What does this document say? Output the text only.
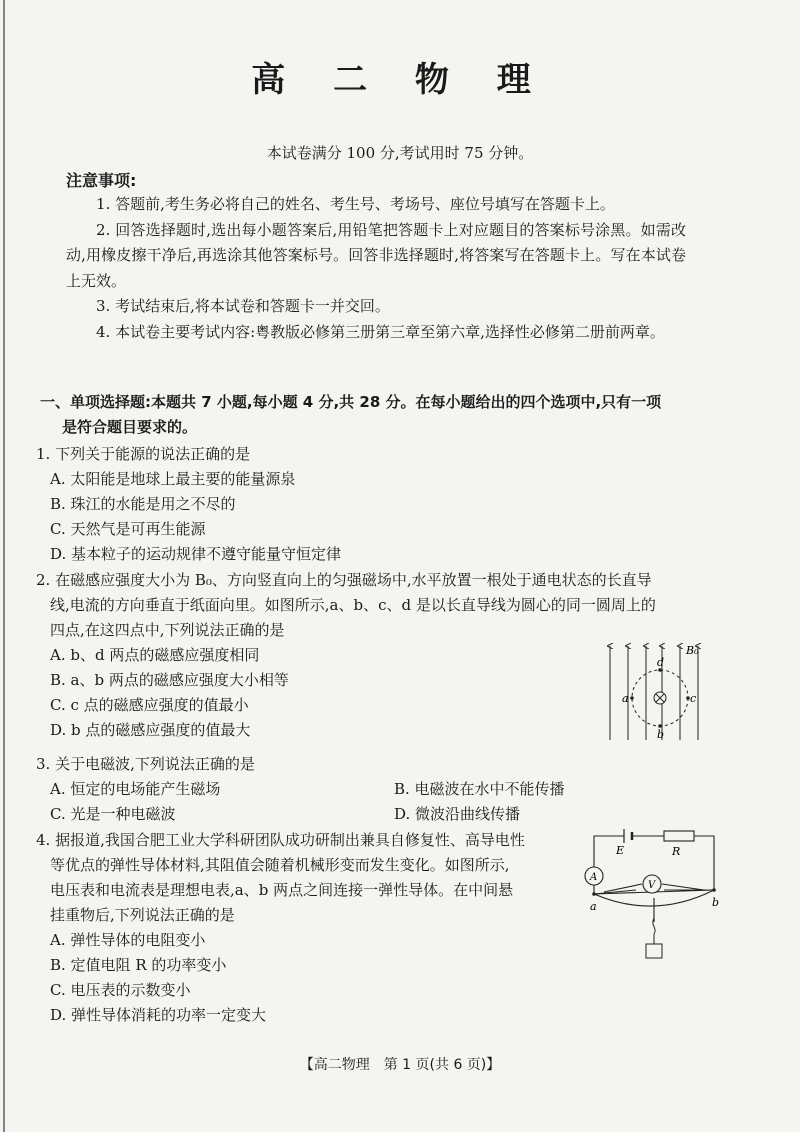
高 二 物 理
本试卷满分 100 分,考试用时 75 分钟。
注意事项:

1. 答题前,考生务必将自己的姓名、考生号、考场号、座位号填写在答题卡上。

2. 回答选择题时,选出每小题答案后,用铅笔把答题卡上对应题目的答案标号涂黑。如需改动,用橡皮擦干净后,再选涂其他答案标号。回答非选择题时,将答案写在答题卡上。写在本试卷上无效。

3. 考试结束后,将本试卷和答题卡一并交回。

4. 本试卷主要考试内容:粤教版必修第三册第三章至第六章,选择性必修第二册前两章。

一、单项选择题:本题共 7 小题,每小题 4 分,共 28 分。在每小题给出的四个选项中,只有一项
是符合题目要求的。

1. 下列关于能源的说法正确的是

A. 太阳能是地球上最主要的能量源泉

B. 珠江的水能是用之不尽的

C. 天然气是可再生能源

D. 基本粒子的运动规律不遵守能量守恒定律

2. 在磁感应强度大小为 B₀、方向竖直向上的匀强磁场中,水平放置一根处于通电状态的长直导
线,电流的方向垂直于纸面向里。如图所示,a、b、c、d 是以长直导线为圆心的同一圆周上的
四点,在这四点中,下列说法正确的是

A. b、d 两点的磁感应强度相同

B. a、b 两点的磁感应强度大小相等

C. c 点的磁感应强度的值最小

D. b 点的磁感应强度的值最大

a	c
d
b
B₀

3. 关于电磁波,下列说法正确的是

A. 恒定的电场能产生磁场	B. 电磁波在水中不能传播

C. 光是一种电磁波	D. 微波沿曲线传播

4. 据报道,我国合肥工业大学科研团队成功研制出兼具自修复性、高导电性
等优点的弹性导体材料,其阻值会随着机械形变而发生变化。如图所示,
电压表和电流表是理想电表,a、b 两点之间连接一弹性导体。在中间悬
挂重物后,下列说法正确的是

A. 弹性导体的电阻变小

B. 定值电阻 R 的功率变小

C. 电压表的示数变小

D. 弹性导体消耗的功率一定变大

A
V
E	R
a	b
【高二物理　第 1 页(共 6 页)】
